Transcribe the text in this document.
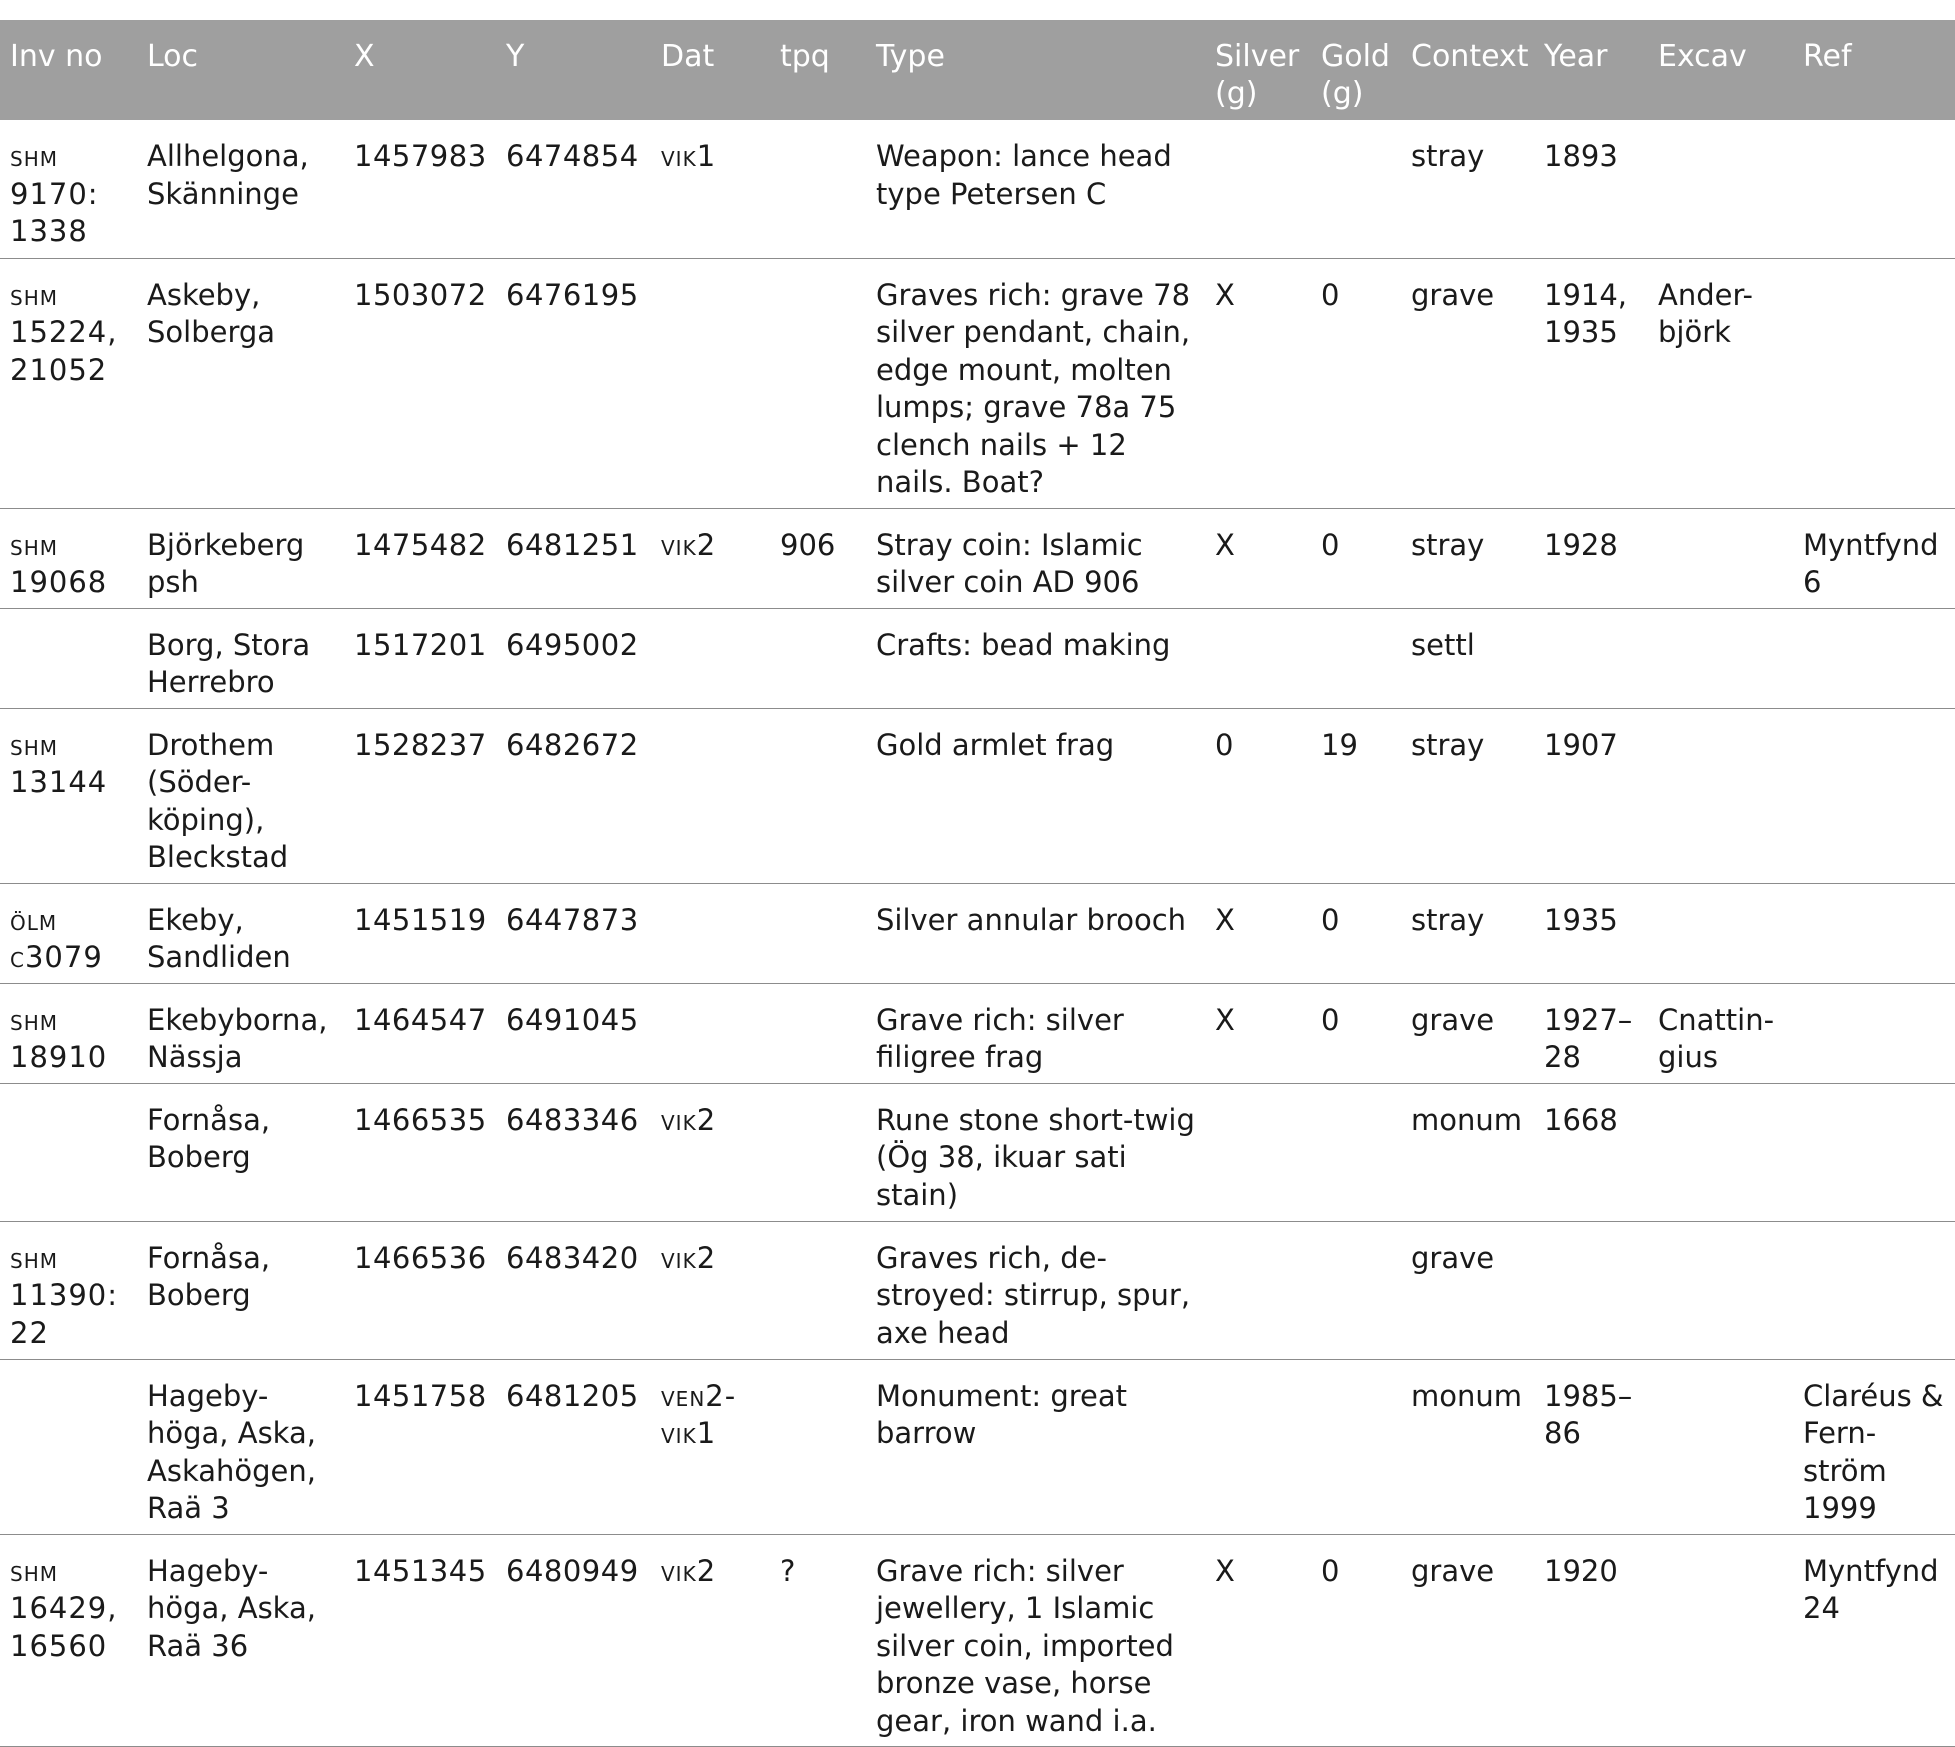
Inv no	Loc	X	Y	Dat	tpq	Type	Silver (g)	Gold (g)	Context	Year	Excav	Ref
shm 9170: 1338	Allhelgona, Skänninge	1457983	6474854	vik1		Weapon: lance head type Petersen C			stray	1893		
shm 15224, 21052	Askeby, Solberga	1503072	6476195			Graves rich: grave 78 silver pendant, chain, edge mount, molten lumps; grave 78a 75 clench nails + 12 nails. Boat?	X	0	grave	1914, 1935	Ander-björk	
shm 19068	Björkeberg psh	1475482	6481251	vik2	906	Stray coin: Islamic silver coin AD 906	X	0	stray	1928		Myntfynd 6
	Borg, Stora Herrebro	1517201	6495002			Crafts: bead making			settl			
shm 13144	Drothem (Söder-köping), Bleckstad	1528237	6482672			Gold armlet frag	0	19	stray	1907		
ölm c3079	Ekeby, Sandliden	1451519	6447873			Silver annular brooch	X	0	stray	1935		
shm 18910	Ekebyborna, Nässja	1464547	6491045			Grave rich: silver filigree frag	X	0	grave	1927–28	Cnattin-gius	
	Fornåsa, Boberg	1466535	6483346	vik2		Rune stone short-twig (Ög 38, ikuar sati stain)			monum	1668		
shm 11390: 22	Fornåsa, Boberg	1466536	6483420	vik2		Graves rich, de-stroyed: stirrup, spur, axe head			grave			
	Hageby-höga, Aska, Askahögen, Raä 3	1451758	6481205	ven2-vik1		Monument: great barrow			monum	1985–86		Claréus & Fern-ström 1999
shm 16429, 16560	Hageby-höga, Aska, Raä 36	1451345	6480949	vik2	?	Grave rich: silver jewellery, 1 Islamic silver coin, imported bronze vase, horse gear, iron wand i.a.	X	0	grave	1920		Myntfynd 24
